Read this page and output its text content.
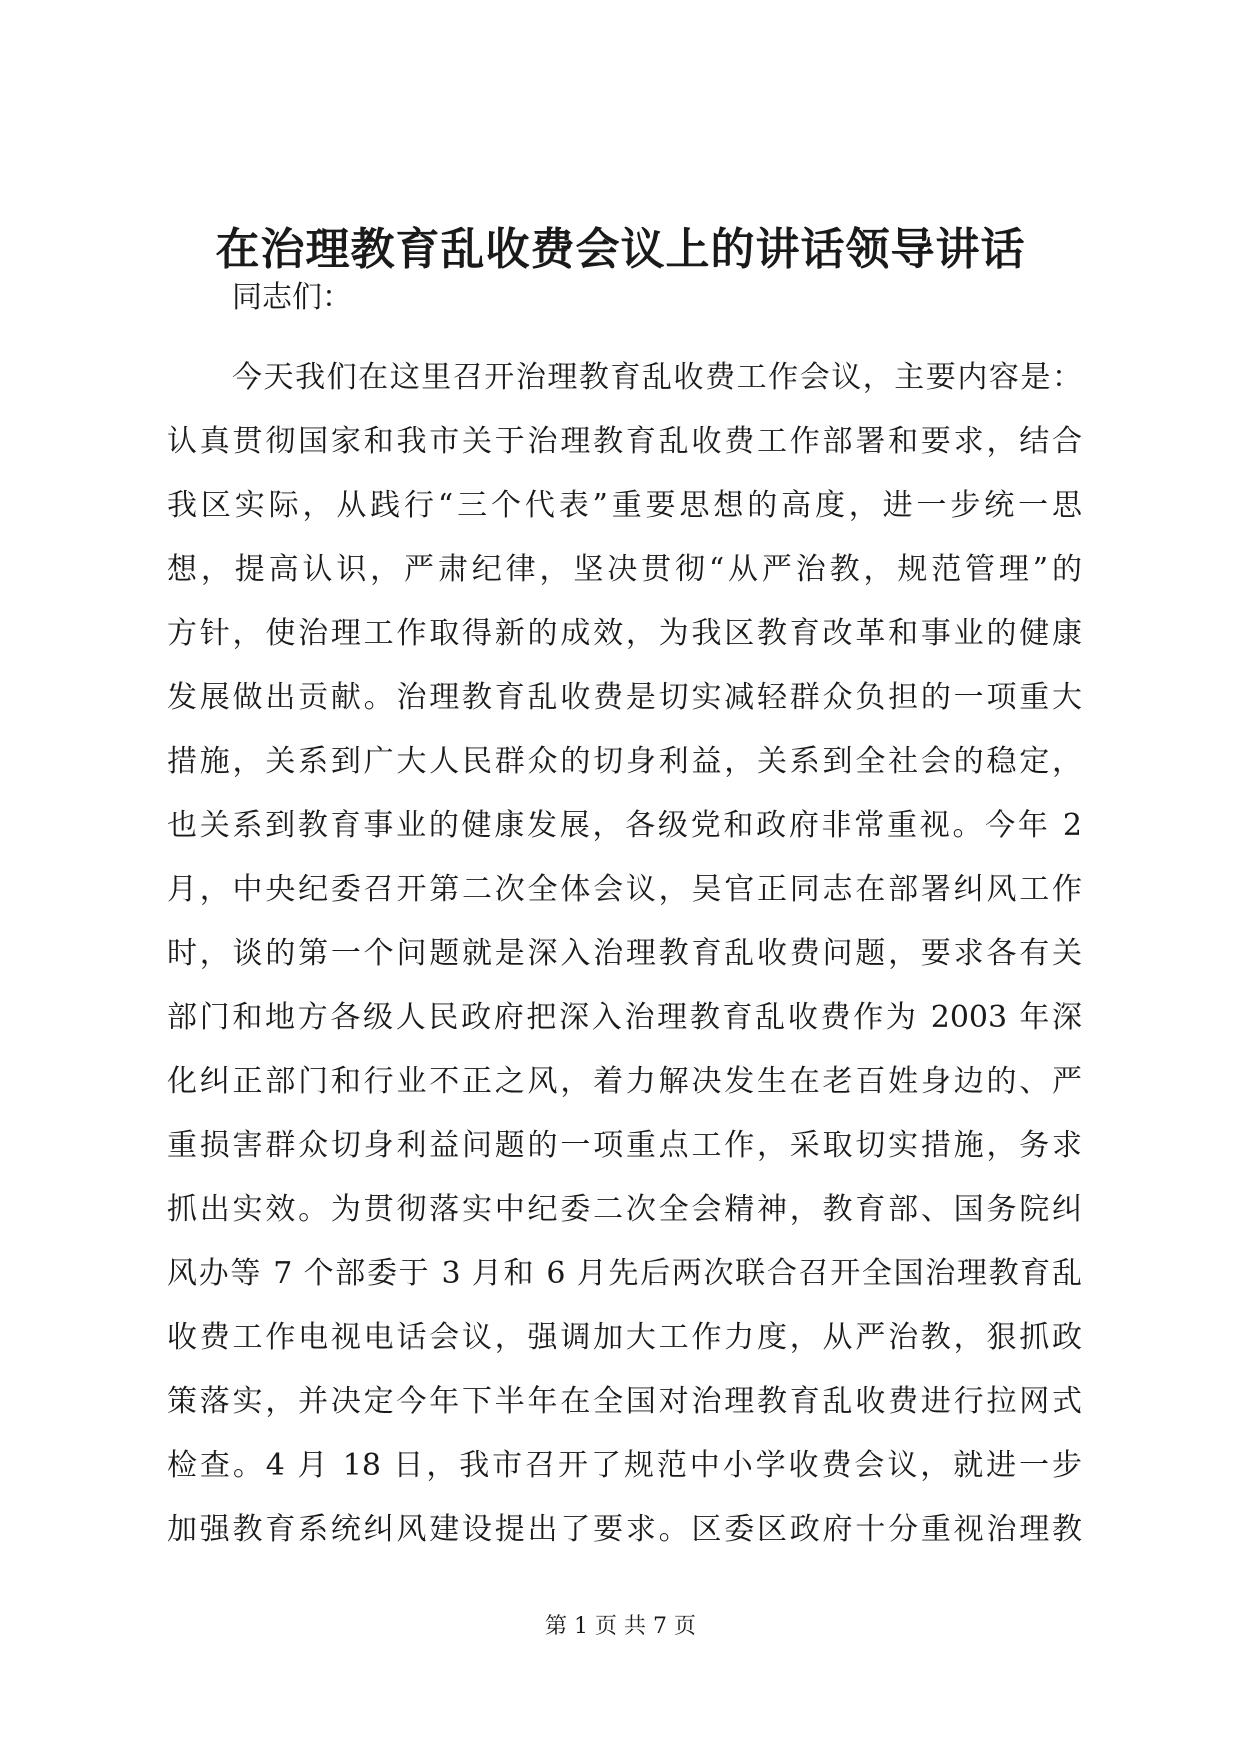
在治理教育乱收费会议上的讲话领导讲话

同志们：

今天我们在这里召开治理教育乱收费工作会议，主要内容是：
认真贯彻国家和我市关于治理教育乱收费工作部署和要求，结合
我区实际，从践行“三个代表”重要思想的高度，进一步统一思
想，提高认识，严肃纪律，坚决贯彻“从严治教，规范管理”的
方针，使治理工作取得新的成效，为我区教育改革和事业的健康
发展做出贡献。治理教育乱收费是切实减轻群众负担的一项重大
措施，关系到广大人民群众的切身利益，关系到全社会的稳定，
也关系到教育事业的健康发展，各级党和政府非常重视。今年 2
月，中央纪委召开第二次全体会议，吴官正同志在部署纠风工作
时，谈的第一个问题就是深入治理教育乱收费问题，要求各有关
部门和地方各级人民政府把深入治理教育乱收费作为 2003 年深
化纠正部门和行业不正之风，着力解决发生在老百姓身边的、严
重损害群众切身利益问题的一项重点工作，采取切实措施，务求
抓出实效。为贯彻落实中纪委二次全会精神，教育部、国务院纠
风办等 7 个部委于 3 月和 6 月先后两次联合召开全国治理教育乱
收费工作电视电话会议，强调加大工作力度，从严治教，狠抓政
策落实，并决定今年下半年在全国对治理教育乱收费进行拉网式
检查。4 月 18 日，我市召开了规范中小学收费会议，就进一步
加强教育系统纠风建设提出了要求。区委区政府十分重视治理教
第 1 页 共 7 页
